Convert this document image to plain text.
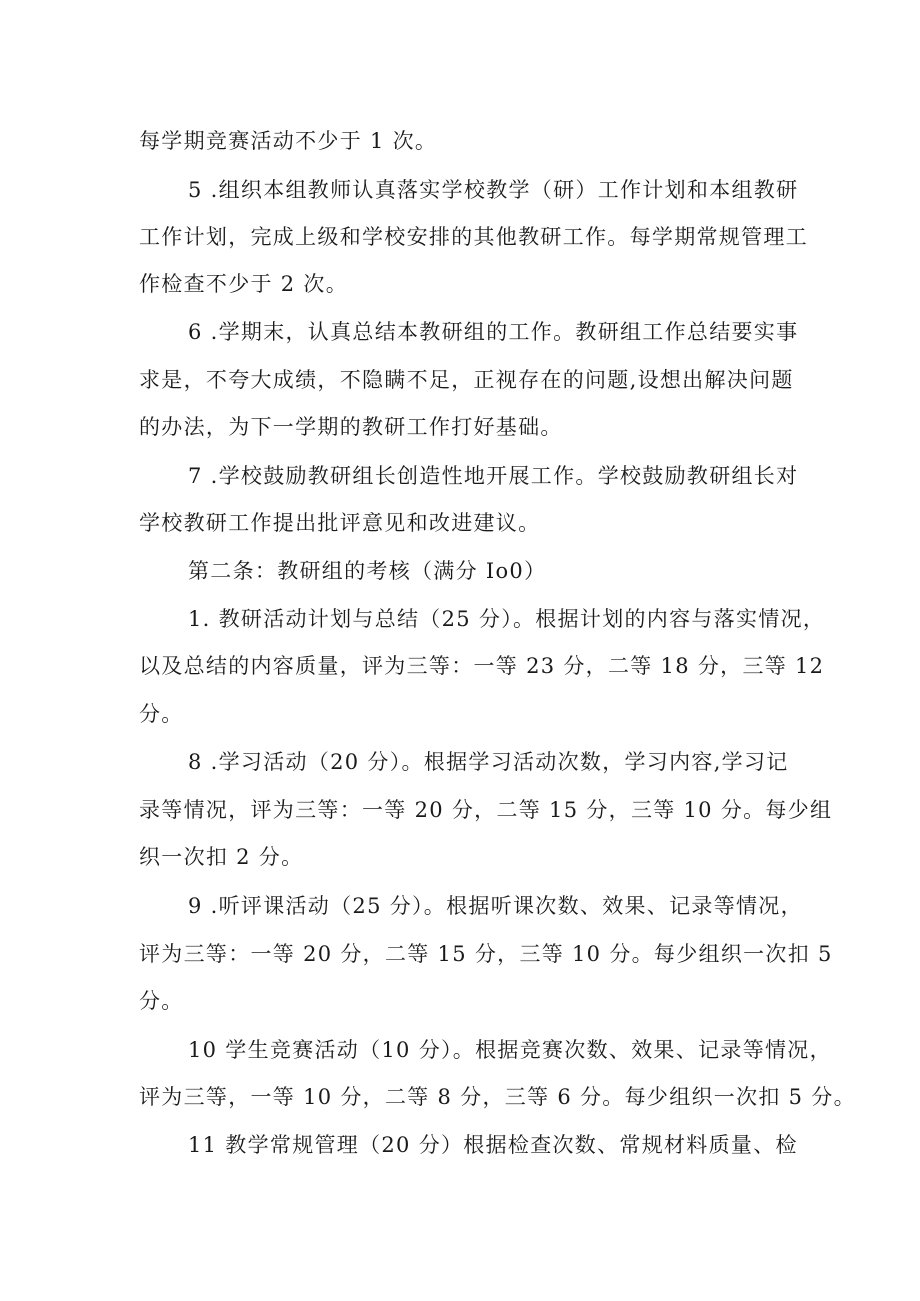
每学期竞赛活动不少于 1 次。
5 .组织本组教师认真落实学校教学（研）工作计划和本组教研
工作计划，完成上级和学校安排的其他教研工作。每学期常规管理工
作检查不少于 2 次。
6 .学期末，认真总结本教研组的工作。教研组工作总结要实事
求是，不夸大成绩，不隐瞒不足，正视存在的问题,设想出解决问题
的办法，为下一学期的教研工作打好基础。
7 .学校鼓励教研组长创造性地开展工作。学校鼓励教研组长对
学校教研工作提出批评意见和改进建议。
第二条：教研组的考核（满分 Io0）
1. 教研活动计划与总结（25 分）。根据计划的内容与落实情况，
以及总结的内容质量，评为三等：一等 23 分，二等 18 分，三等 12
分。
8 .学习活动（20 分）。根据学习活动次数，学习内容,学习记
录等情况，评为三等：一等 20 分，二等 15 分，三等 10 分。每少组
织一次扣 2 分。
9 .听评课活动（25 分）。根据听课次数、效果、记录等情况，
评为三等：一等 20 分，二等 15 分，三等 10 分。每少组织一次扣 5
分。
10 学生竞赛活动（10 分）。根据竞赛次数、效果、记录等情况，
评为三等，一等 10 分，二等 8 分，三等 6 分。每少组织一次扣 5 分。
11 教学常规管理（20 分）根据检查次数、常规材料质量、检
